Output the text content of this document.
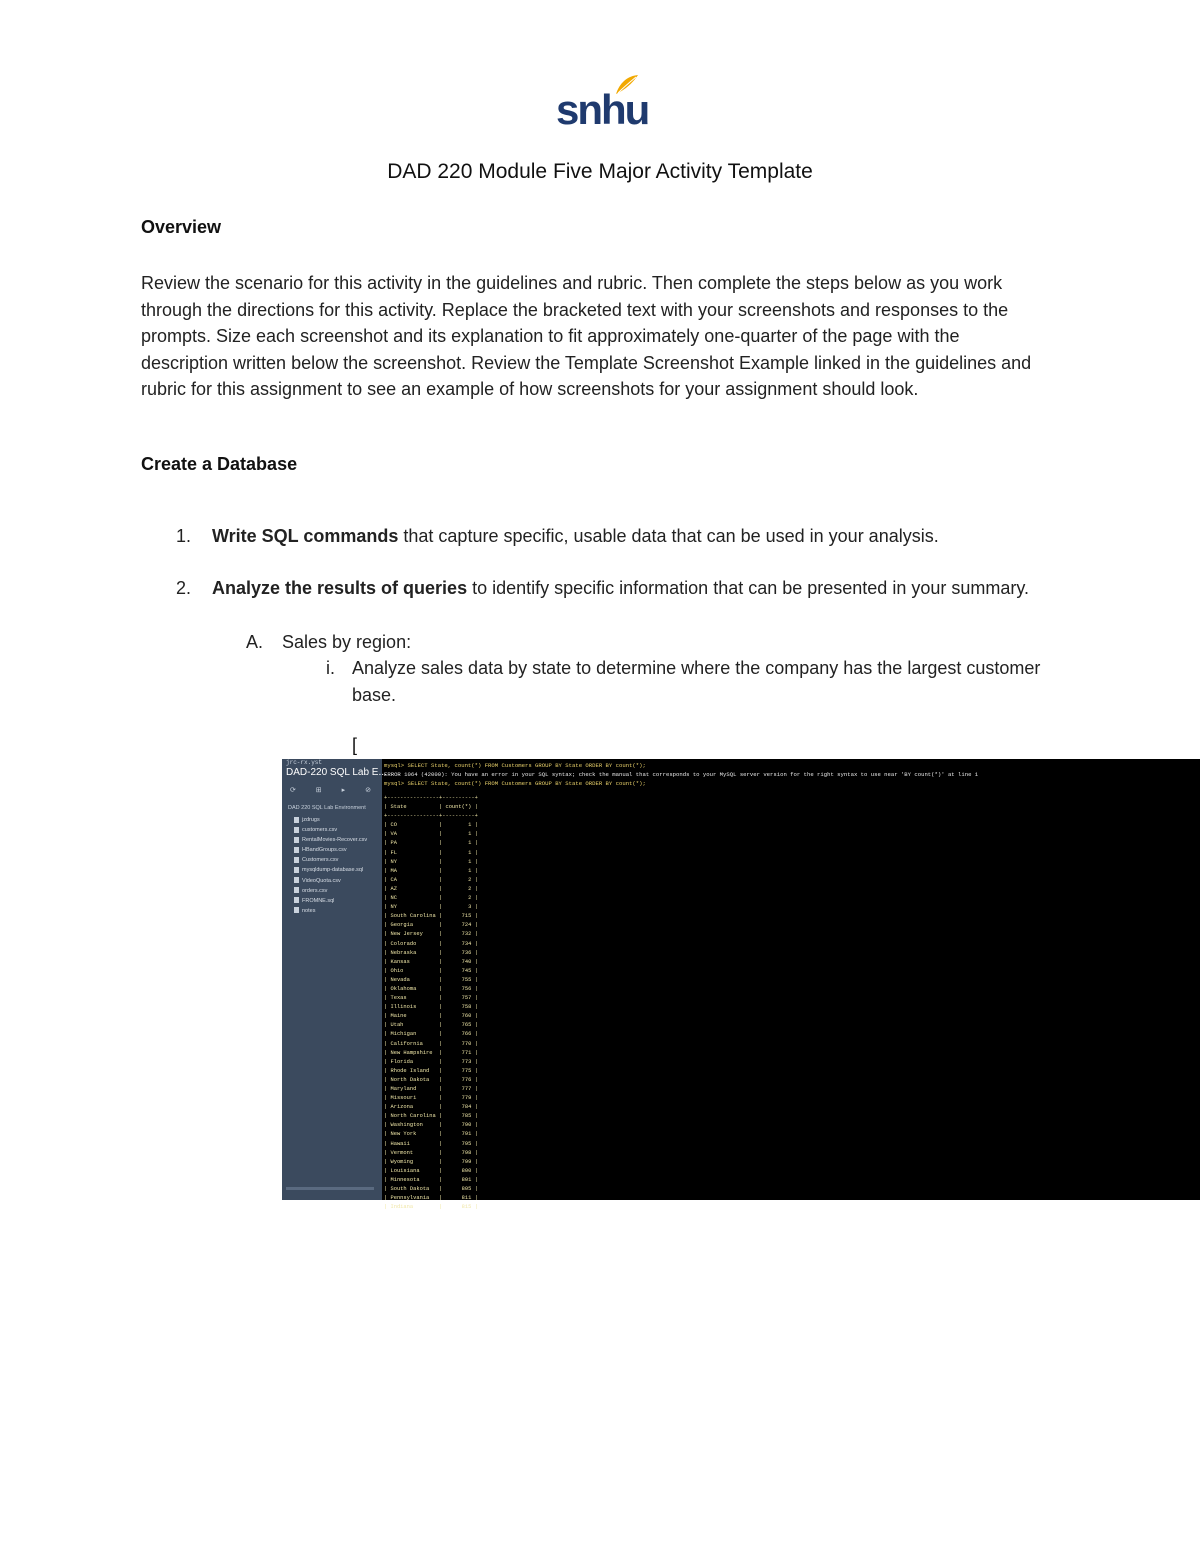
snhu
DAD 220 Module Five Major Activity Template
Overview
Review the scenario for this activity in the guidelines and rubric. Then complete the steps below as you work through the directions for this activity. Replace the bracketed text with your screenshots and responses to the prompts. Size each screenshot and its explanation to fit approximately one-quarter of the page with the description written below the screenshot. Review the Template Screenshot Example linked in the guidelines and rubric for this assignment to see an example of how screenshots for your assignment should look.
Create a Database
1. Write SQL commands that capture specific, usable data that can be used in your analysis.
2. Analyze the results of queries to identify specific information that can be presented in your summary.
A. Sales by region:
i. Analyze sales data by state to determine where the company has the largest customer base.
[
jrc-rx.yst
DAD-220 SQL Lab E...
⟳ ⊞ ▸ ⊘
DAD 220 SQL Lab Environment
jzdrugs
customers.csv
RentalMovies-Recover.csv
HBandGroups.csv
Customers.csv
mysqldump-database.sql
VideoQuota.csv
orders.csv
FROMNE.sql
notes
mysql> SELECT State, count(*) FROM Customers GROUP BY State ORDER BY count(*);
ERROR 1064 (42000): You have an error in your SQL syntax; check the manual that corresponds to your MySQL server version for the right syntax to use near 'BY count(*)' at line 1
mysql> SELECT State, count(*) FROM Customers GROUP BY State ORDER BY count(*);
+----------------+----------+
| State          | count(*) |
+----------------+----------+
| CO             |        1 |
| VA             |        1 |
| PA             |        1 |
| FL             |        1 |
| NY             |        1 |
| MA             |        1 |
| CA             |        2 |
| AZ             |        2 |
| NC             |        2 |
| NY             |        3 |
| South Carolina |      715 |
| Georgia        |      724 |
| New Jersey     |      732 |
| Colorado       |      734 |
| Nebraska       |      736 |
| Kansas         |      740 |
| Ohio           |      745 |
| Nevada         |      755 |
| Oklahoma       |      756 |
| Texas          |      757 |
| Illinois       |      758 |
| Maine          |      760 |
| Utah           |      765 |
| Michigan       |      766 |
| California     |      770 |
| New Hampshire  |      771 |
| Florida        |      773 |
| Rhode Island   |      775 |
| North Dakota   |      776 |
| Maryland       |      777 |
| Missouri       |      779 |
| Arizona        |      784 |
| North Carolina |      785 |
| Washington     |      790 |
| New York       |      791 |
| Hawaii         |      795 |
| Vermont        |      798 |
| Wyoming        |      799 |
| Louisiana      |      800 |
| Minnesota      |      801 |
| South Dakota   |      805 |
| Pennsylvania   |      811 |
| Indiana        |      815 |
